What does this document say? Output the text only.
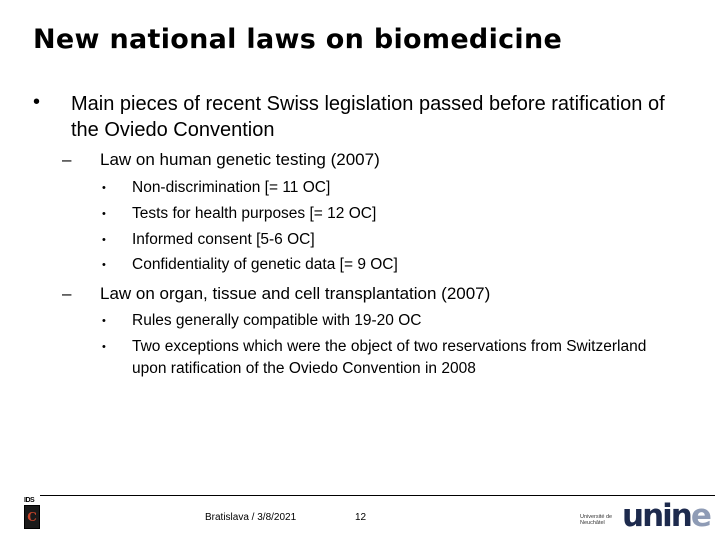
New national laws on biomedicine
• Main pieces of recent Swiss legislation passed before ratification of the Oviedo Convention
– Law on human genetic testing (2007)
• Non-discrimination [= 11 OC]
• Tests for health purposes [= 12 OC]
• Informed consent [5-6 OC]
• Confidentiality of genetic data [= 9 OC]
– Law on organ, tissue and cell transplantation (2007)
• Rules generally compatible with 19-20 OC
• Two exceptions which were the object of two reservations from Switzerland upon ratification of the Oviedo Convention in 2008
IDS
C	Bratislava / 3/8/2021	12	Université de Neuchâtel unine
